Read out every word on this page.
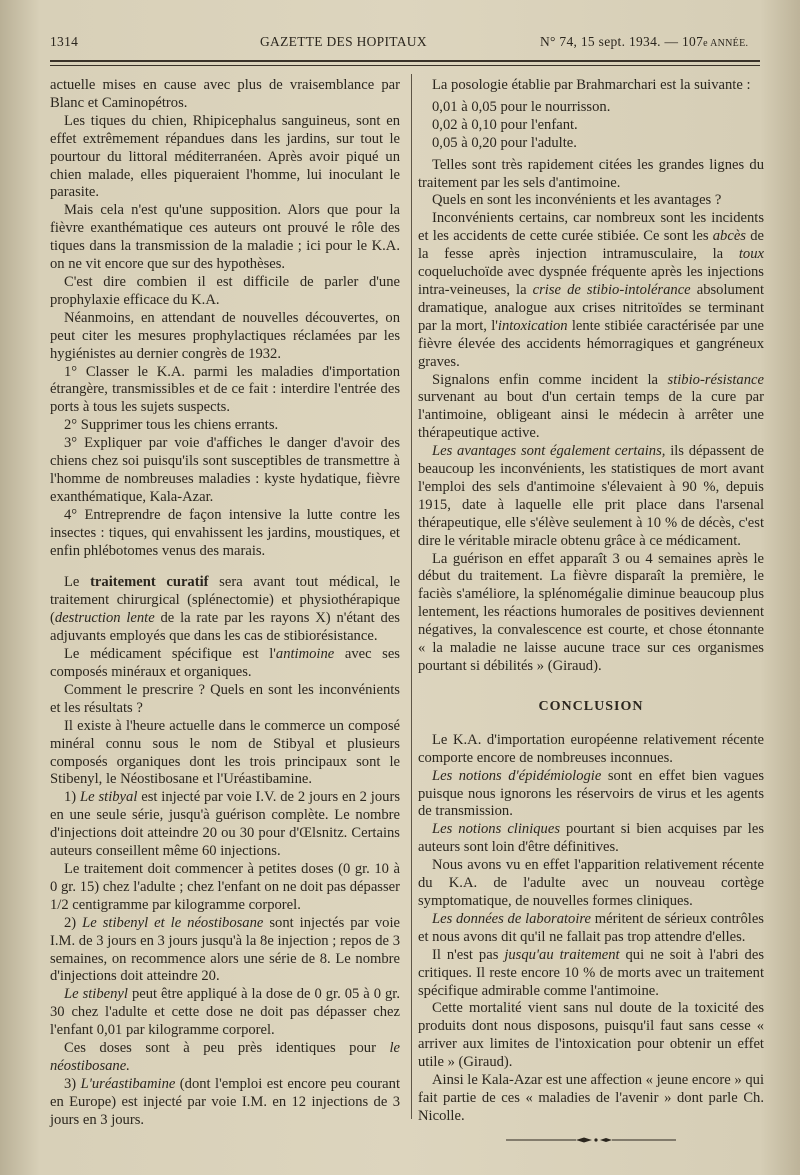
1314	GAZETTE DES HOPITAUX	N° 74, 15 sept. 1934. — 107e ANNÉE.

actuelle mises en cause avec plus de vraisemblance par Blanc et Caminopétros.

Les tiques du chien, Rhipicephalus sanguineus, sont en effet extrêmement répandues dans les jardins, sur tout le pourtour du littoral méditerranéen. Après avoir piqué un chien malade, elles piqueraient l'homme, lui inoculant le parasite.

Mais cela n'est qu'une supposition. Alors que pour la fièvre exanthématique ces auteurs ont prouvé le rôle des tiques dans la transmission de la maladie ; ici pour le K.A. on ne vit encore que sur des hypothèses.

C'est dire combien il est difficile de parler d'une prophylaxie efficace du K.A.

Néanmoins, en attendant de nouvelles découvertes, on peut citer les mesures prophylactiques réclamées par les hygiénistes au dernier congrès de 1932.

1° Classer le K.A. parmi les maladies d'importation étrangère, transmissibles et de ce fait : interdire l'entrée des ports à tous les sujets suspects.

2° Supprimer tous les chiens errants.

3° Expliquer par voie d'affiches le danger d'avoir des chiens chez soi puisqu'ils sont susceptibles de transmettre à l'homme de nombreuses maladies : kyste hydatique, fièvre exanthématique, Kala-Azar.

4° Entreprendre de façon intensive la lutte contre les insectes : tiques, qui envahissent les jardins, moustiques, et enfin phlébotomes venus des marais.

Le traitement curatif sera avant tout médical, le traitement chirurgical (splénectomie) et physiothérapique (destruction lente de la rate par les rayons X) n'étant des adjuvants employés que dans les cas de stibiorésistance.

Le médicament spécifique est l'antimoine avec ses composés minéraux et organiques.

Comment le prescrire ? Quels en sont les inconvénients et les résultats ?

Il existe à l'heure actuelle dans le commerce un composé minéral connu sous le nom de Stibyal et plusieurs composés organiques dont les trois principaux sont le Stibenyl, le Néostibosane et l'Uréastibamine.

1) Le stibyal est injecté par voie I.V. de 2 jours en 2 jours en une seule série, jusqu'à guérison complète. Le nombre d'injections doit atteindre 20 ou 30 pour d'Œlsnitz. Certains auteurs conseillent même 60 injections.

Le traitement doit commencer à petites doses (0 gr. 10 à 0 gr. 15) chez l'adulte ; chez l'enfant on ne doit pas dépasser 1/2 centigramme par kilogramme corporel.

2) Le stibenyl et le néostibosane sont injectés par voie I.M. de 3 jours en 3 jours jusqu'à la 8e injection ; repos de 3 semaines, on recommence alors une série de 8. Le nombre d'injections doit atteindre 20.

Le stibenyl peut être appliqué à la dose de 0 gr. 05 à 0 gr. 30 chez l'adulte et cette dose ne doit pas dépasser chez l'enfant 0,01 par kilogramme corporel.

Ces doses sont à peu près identiques pour le néostibosane.

3) L'uréastibamine (dont l'emploi est encore peu courant en Europe) est injecté par voie I.M. en 12 injections de 3 jours en 3 jours.

La posologie établie par Brahmarchari est la suivante :

0,01 à 0,05 pour le nourrisson.
0,02 à 0,10 pour l'enfant.
0,05 à 0,20 pour l'adulte.

Telles sont très rapidement citées les grandes lignes du traitement par les sels d'antimoine.

Quels en sont les inconvénients et les avantages ?

Inconvénients certains, car nombreux sont les incidents et les accidents de cette curée stibiée. Ce sont les abcès de la fesse après injection intramusculaire, la toux coqueluchoïde avec dyspnée fréquente après les injections intra-veineuses, la crise de stibio-intolérance absolument dramatique, analogue aux crises nitritoïdes se terminant par la mort, l'intoxication lente stibiée caractérisée par une fièvre élevée des accidents hémorragiques et gangréneux graves.

Signalons enfin comme incident la stibio-résistance survenant au bout d'un certain temps de la cure par l'antimoine, obligeant ainsi le médecin à arrêter une thérapeutique active.

Les avantages sont également certains, ils dépassent de beaucoup les inconvénients, les statistiques de mort avant l'emploi des sels d'antimoine s'élevaient à 90 %, depuis 1915, date à laquelle elle prit place dans l'arsenal thérapeutique, elle s'élève seulement à 10 % de décès, c'est dire le véritable miracle obtenu grâce à ce médicament.

La guérison en effet apparaît 3 ou 4 semaines après le début du traitement. La fièvre disparaît la première, le faciès s'améliore, la splénomégalie diminue beaucoup plus lentement, les réactions humorales de positives deviennent négatives, la convalescence est courte, et chose étonnante « la maladie ne laisse aucune trace sur ces organismes pourtant si débilités » (Giraud).

CONCLUSION

Le K.A. d'importation européenne relativement récente comporte encore de nombreuses inconnues.

Les notions d'épidémiologie sont en effet bien vagues puisque nous ignorons les réservoirs de virus et les agents de transmission.

Les notions cliniques pourtant si bien acquises par les auteurs sont loin d'être définitives.

Nous avons vu en effet l'apparition relativement récente du K.A. de l'adulte avec un nouveau cortège symptomatique, de nouvelles formes cliniques.

Les données de laboratoire méritent de sérieux contrôles et nous avons dit qu'il ne fallait pas trop attendre d'elles.

Il n'est pas jusqu'au traitement qui ne soit à l'abri des critiques. Il reste encore 10 % de morts avec un traitement spécifique admirable comme l'antimoine.

Cette mortalité vient sans nul doute de la toxicité des produits dont nous disposons, puisqu'il faut sans cesse « arriver aux limites de l'intoxication pour obtenir un effet utile » (Giraud).

Ainsi le Kala-Azar est une affection « jeune encore » qui fait partie de ces « maladies de l'avenir » dont parle Ch. Nicolle.
